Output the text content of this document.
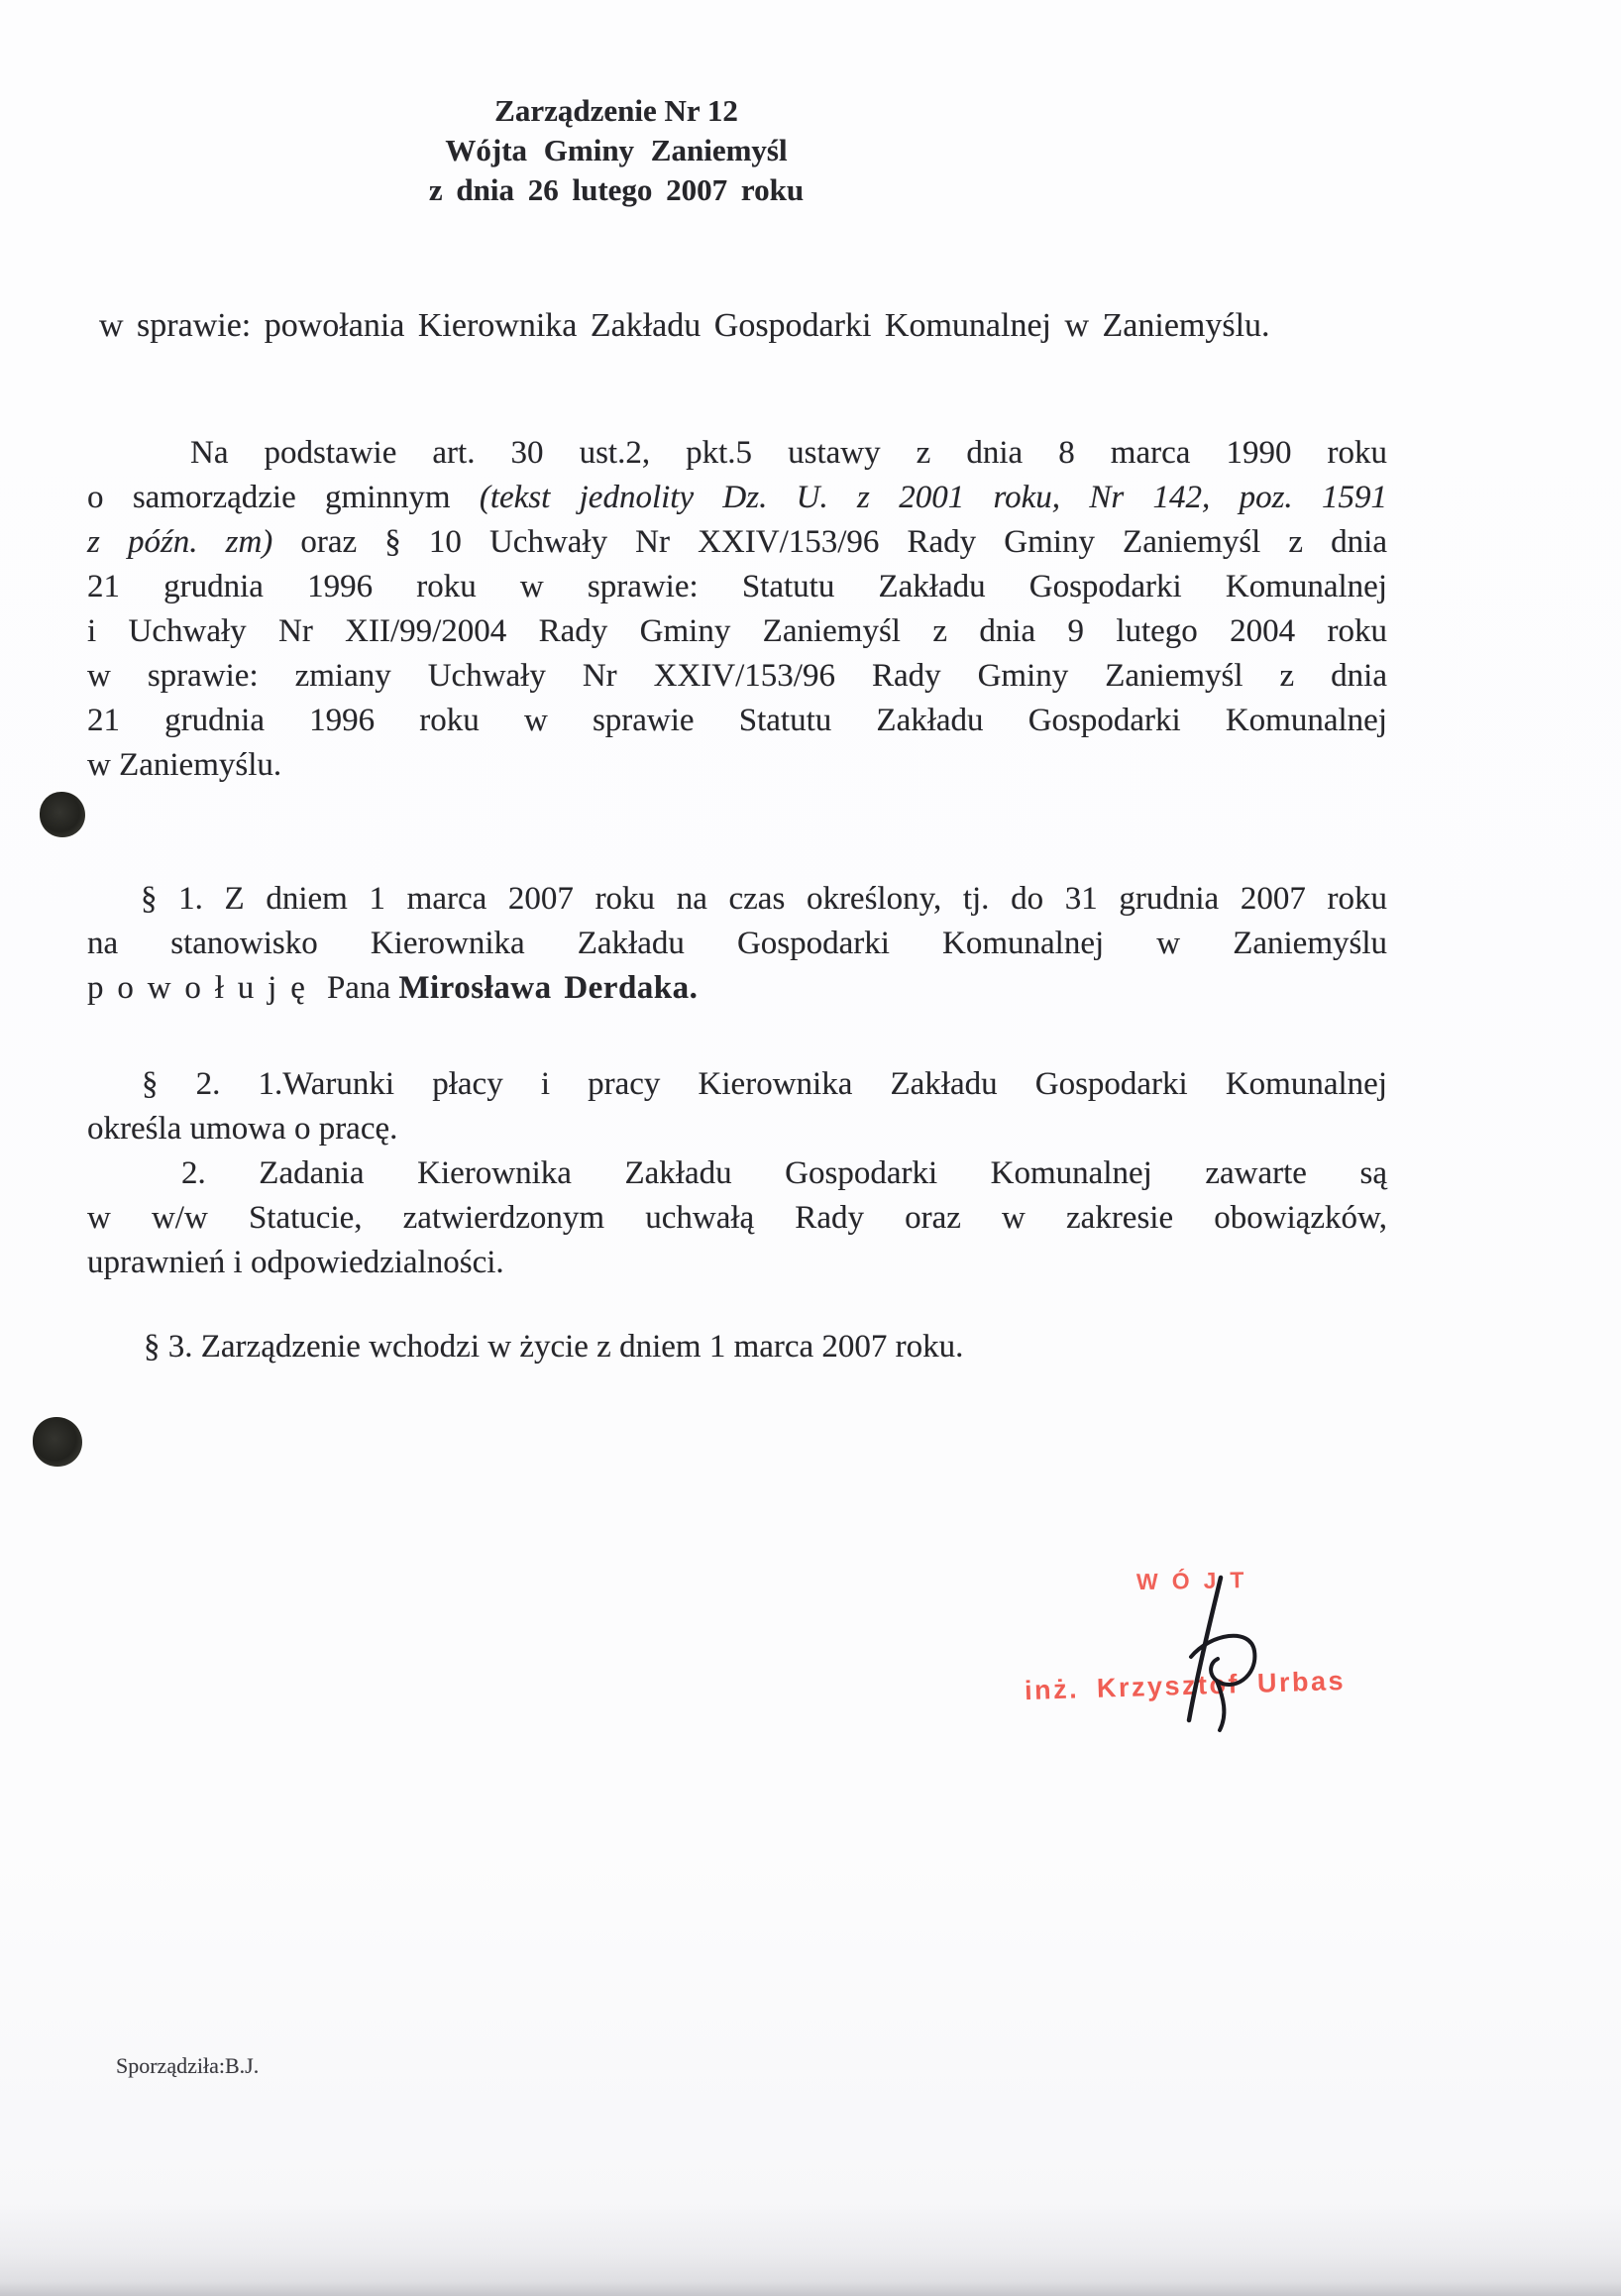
Zarządzenie Nr 12
Wójta Gminy Zaniemyśl
z dnia 26 lutego 2007 roku
w sprawie: powołania Kierownika Zakładu Gospodarki Komunalnej w Zaniemyślu.
Na podstawie art. 30 ust.2, pkt.5 ustawy z dnia 8 marca 1990 roku
o samorządzie gminnym (tekst jednolity Dz. U. z 2001 roku, Nr 142, poz. 1591
z późn. zm) oraz § 10 Uchwały Nr XXIV/153/96 Rady Gminy Zaniemyśl z dnia
21 grudnia 1996 roku w sprawie: Statutu Zakładu Gospodarki Komunalnej
i Uchwały Nr XII/99/2004 Rady Gminy Zaniemyśl z dnia 9 lutego 2004 roku
w sprawie: zmiany Uchwały Nr XXIV/153/96 Rady Gminy Zaniemyśl z dnia
21 grudnia 1996 roku w sprawie Statutu Zakładu Gospodarki Komunalnej
w Zaniemyślu.
§ 1. Z dniem 1 marca 2007 roku na czas określony, tj. do 31 grudnia 2007 roku
na stanowisko Kierownika Zakładu Gospodarki Komunalnej w Zaniemyślu
powołuję Pana Mirosława Derdaka.
§ 2. 1.Warunki płacy i pracy Kierownika Zakładu Gospodarki Komunalnej
określa umowa o pracę.
2. Zadania Kierownika Zakładu Gospodarki Komunalnej zawarte są
w w/w Statucie, zatwierdzonym uchwałą Rady oraz w zakresie obowiązków,
uprawnień i odpowiedzialności.
§ 3. Zarządzenie wchodzi w życie z dniem 1 marca 2007 roku.
WÓJT
inż. Krzysztof Urbas
Sporządziła:B.J.
